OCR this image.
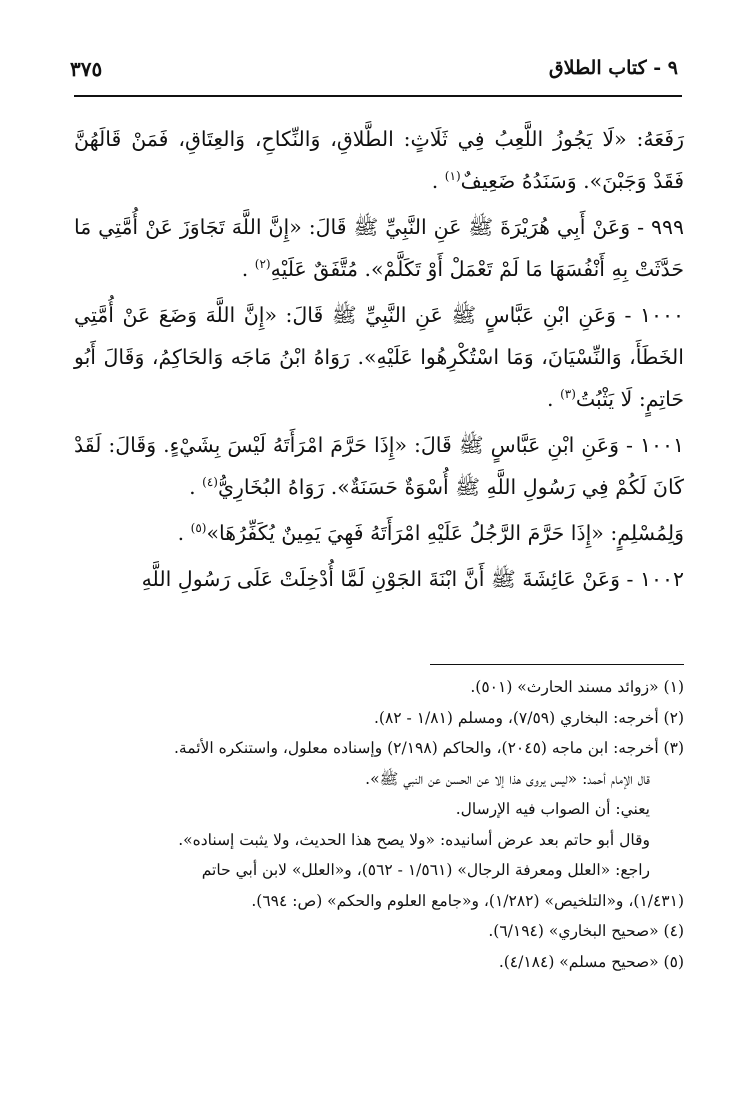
٩ - كتاب الطلاق
٣٧٥

رَفَعَهُ: «لَا يَجُوزُ اللَّعِبُ فِي ثَلَاثٍ: الطَّلاقِ، وَالنِّكاحِ، وَالعِتَاقِ، فَمَنْ قَالَهُنَّ فَقَدْ وَجَبْنَ». وَسَنَدُهُ ضَعِيفٌ$^{(١)}$ .

٩٩٩ - وَعَنْ أَبِي هُرَيْرَةَ ﷺ عَنِ النَّبِيِّ ﷺ قَالَ: «إِنَّ اللَّهَ تَجَاوَزَ عَنْ أُمَّتِي مَا حَدَّثَتْ بِهِ أَنْفُسَهَا مَا لَمْ تَعْمَلْ أَوْ تَكَلَّمْ». مُتَّفَقٌ عَلَيْهِ$^{(٢)}$ .

١٠٠٠ - وَعَنِ ابْنِ عَبَّاسٍ ﷺ عَنِ النَّبِيِّ ﷺ قَالَ: «إِنَّ اللَّهَ وَضَعَ عَنْ أُمَّتِي الخَطَأَ، وَالنِّسْيَانَ، وَمَا اسْتُكْرِهُوا عَلَيْهِ». رَوَاهُ ابْنُ مَاجَه وَالحَاكِمُ، وَقَالَ أَبُو حَاتِمٍ: لَا يَثْبُتُ$^{(٣)}$ .

١٠٠١ - وَعَنِ ابْنِ عَبَّاسٍ ﷺ قَالَ: «إِذَا حَرَّمَ امْرَأَتَهُ لَيْسَ بِشَيْءٍ. وَقَالَ: لَقَدْ كَانَ لَكُمْ فِي رَسُولِ اللَّهِ ﷺ أُسْوَةٌ حَسَنَةٌ». رَوَاهُ البُخَارِيُّ$^{(٤)}$ .

وَلِمُسْلِمٍ: «إِذَا حَرَّمَ الرَّجُلُ عَلَيْهِ امْرَأَتَهُ فَهِيَ يَمِينٌ يُكَفِّرُهَا»$^{(٥)}$ .

١٠٠٢ - وَعَنْ عَائِشَةَ ﷺ أَنَّ ابْنَةَ الجَوْنِ لَمَّا أُدْخِلَتْ عَلَى رَسُولِ اللَّهِ

(١) «زوائد مسند الحارث» (٥٠١).

(٢) أخرجه: البخاري (٧/٥٩)، ومسلم (١/٨١ - ٨٢).

(٣) أخرجه: ابن ماجه (٢٠٤٥)، والحاكم (٢/١٩٨) وإسناده معلول، واستنكره الأئمة.

قال الإمام أحمد: «ليس يروى هذا إلا عن الحسن عن النبي ﷺ».

يعني: أن الصواب فيه الإرسال.

وقال أبو حاتم بعد عرض أسانيده: «ولا يصح هذا الحديث، ولا يثبت إسناده».

راجع: «العلل ومعرفة الرجال» (١/٥٦١ - ٥٦٢)، و«العلل» لابن أبي حاتم

(١/٤٣١)، و«التلخيص» (١/٢٨٢)، و«جامع العلوم والحكم» (ص: ٦٩٤).

(٤) «صحيح البخاري» (٦/١٩٤).

(٥) «صحيح مسلم» (٤/١٨٤).
